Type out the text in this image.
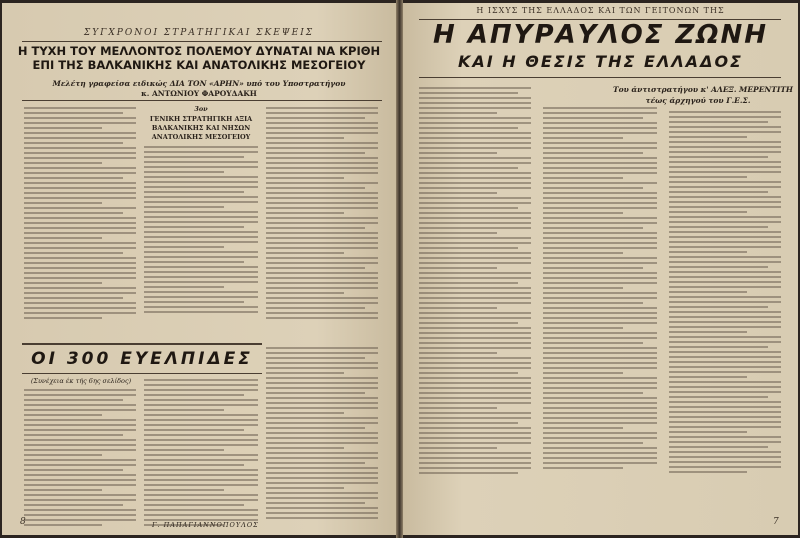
ΣΥΓΧΡΟΝΟΙ ΣΤΡΑΤΗΓΙΚΑΙ ΣΚΕΨΕΙΣ
Η ΤΥΧΗ ΤΟΥ ΜΕΛΛΟΝΤΟΣ ΠΟΛΕΜΟΥ ΔΥΝΑΤΑΙ ΝΑ ΚΡΙΘΗ
ΕΠΙ ΤΗΣ ΒΑΛΚΑΝΙΚΗΣ ΚΑΙ ΑΝΑΤΟΛΙΚΗΣ ΜΕΣΟΓΕΙΟΥ
Μελέτη γραφείσα ειδικώς ΔΙΑ ΤΟΝ «ΑΡΗΝ» υπό του Υποστρατήγου
κ. ΑΝΤΩΝΙΟΥ ΦΑΡΟΥΔΑΚΗ
3ον
ΓΕΝΙΚΗ ΣΤΡΑΤΗΓΙΚΗ ΑΞΙΑ
ΒΑΛΚΑΝΙΚΗΣ ΚΑΙ ΝΗΣΩΝ
ΑΝΑΤΟΛΙΚΗΣ ΜΕΣΟΓΕΙΟΥ
ΟΙ 300 ΕΥΕΛΠΙΔΕΣ
(Συνέχεια έκ τής 6ης σελίδος)
Γ. ΠΑΠΑΓΙΑΝΝΟΠΟΥΛΟΣ
8
Η ΙΣΧΥΣ ΤΗΣ ΕΛΛΑΔΟΣ ΚΑΙ ΤΩΝ ΓΕΙΤΟΝΩΝ ΤΗΣ
Η ΑΠΥΡΑΥΛΟΣ ΖΩΝΗ
ΚΑΙ Η ΘΕΣΙΣ ΤΗΣ ΕΛΛΑΔΟΣ
Του άντιστρατήγου κ' ΑΛΕΞ. ΜΕΡΕΝΤΙΤΗ
τέως άρχηγού του Γ.Ε.Σ.
7
